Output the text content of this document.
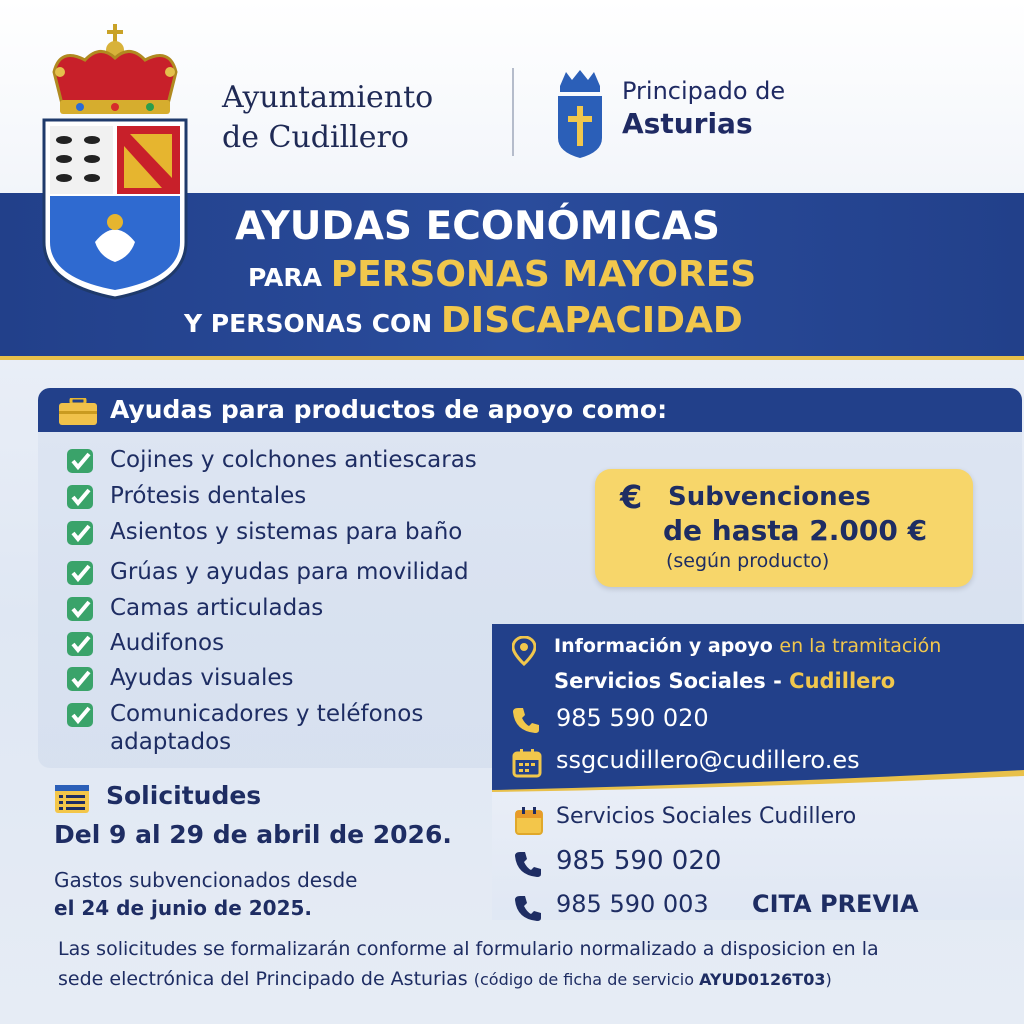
Ayuntamiento
de Cudillero
Principado de
Asturias
AYUDAS ECONÓMICAS
PARA PERSONAS MAYORES
Y PERSONAS CON DISCAPACIDAD
Ayudas para productos de apoyo como:
Cojines y colchones antiescaras
Prótesis dentales
Asientos y sistemas para baño
Grúas y ayudas para movilidad
Camas articuladas
Audifonos
Ayudas visuales
Comunicadores y teléfonos
adaptados
€ Subvenciones
de hasta 2.000 €
(según producto)
Información y apoyo en la tramitación
Servicios Sociales - Cudillero
985 590 020
ssgcudillero@cudillero.es
Servicios Sociales Cudillero
985 590 020
985 590 003 CITA PREVIA
Solicitudes
Del 9 al 29 de abril de 2026.
Gastos subvencionados desde
el 24 de junio de 2025.
Las solicitudes se formalizarán conforme al formulario normalizado a disposicion en la
sede electrónica del Principado de Asturias (código de ficha de servicio AYUD0126T03)
